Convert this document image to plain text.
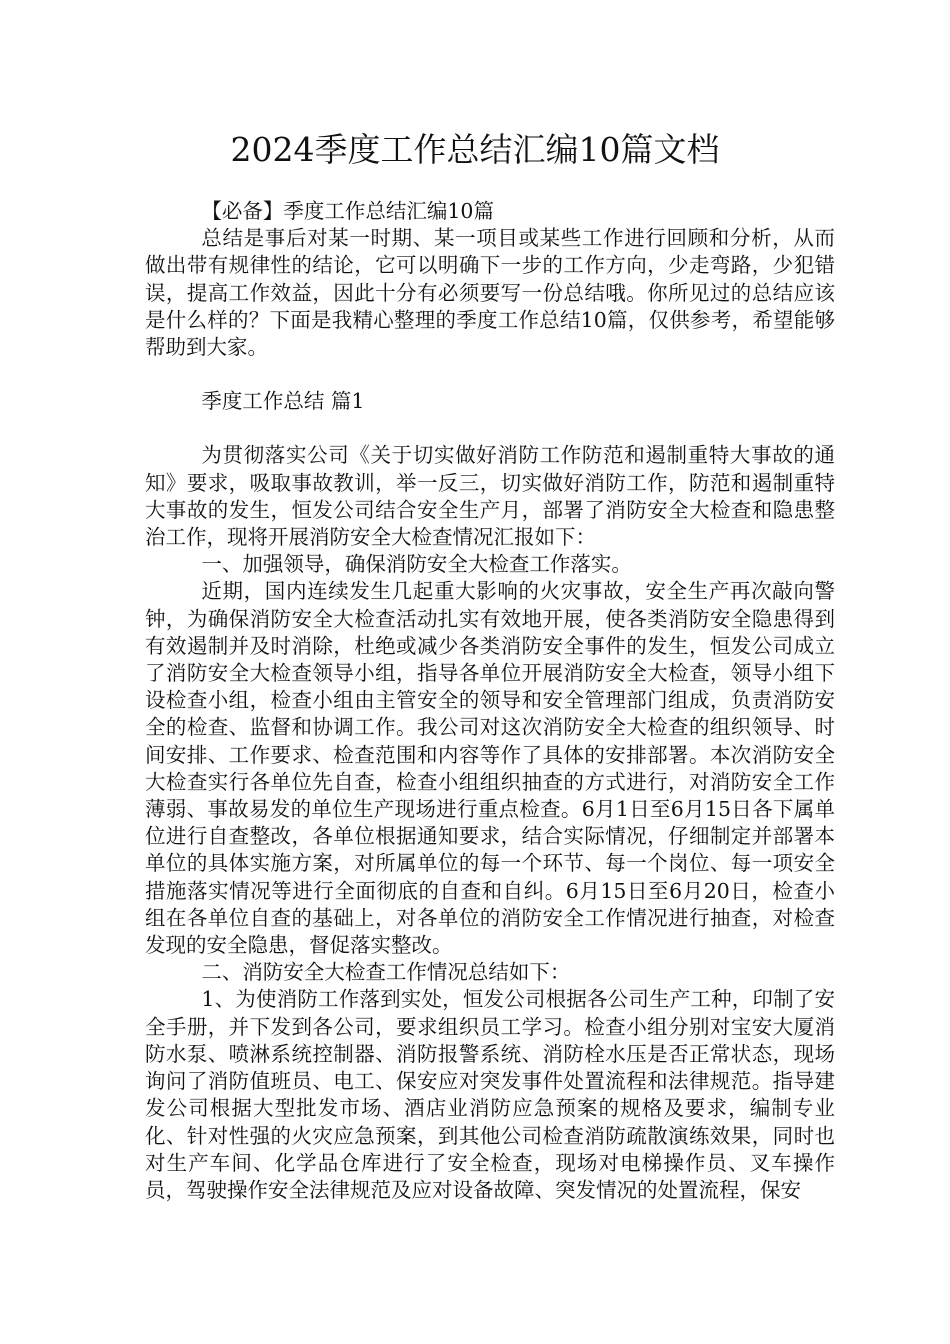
2024季度工作总结汇编10篇文档

【必备】季度工作总结汇编10篇

总结是事后对某一时期、某一项目或某些工作进行回顾和分析，从而做出带有规律性的结论，它可以明确下一步的工作方向，少走弯路，少犯错误，提高工作效益，因此十分有必须要写一份总结哦。你所见过的总结应该是什么样的？下面是我精心整理的季度工作总结10篇，仅供参考，希望能够帮助到大家。

季度工作总结 篇1

为贯彻落实公司《关于切实做好消防工作防范和遏制重特大事故的通知》要求，吸取事故教训，举一反三，切实做好消防工作，防范和遏制重特大事故的发生，恒发公司结合安全生产月，部署了消防安全大检查和隐患整治工作，现将开展消防安全大检查情况汇报如下：

一、加强领导，确保消防安全大检查工作落实。

近期，国内连续发生几起重大影响的火灾事故，安全生产再次敲向警钟，为确保消防安全大检查活动扎实有效地开展，使各类消防安全隐患得到有效遏制并及时消除，杜绝或减少各类消防安全事件的发生，恒发公司成立了消防安全大检查领导小组，指导各单位开展消防安全大检查，领导小组下设检查小组，检查小组由主管安全的领导和安全管理部门组成，负责消防安全的检查、监督和协调工作。我公司对这次消防安全大检查的组织领导、时间安排、工作要求、检查范围和内容等作了具体的安排部署。本次消防安全大检查实行各单位先自查，检查小组组织抽查的方式进行，对消防安全工作薄弱、事故易发的单位生产现场进行重点检查。6月1日至6月15日各下属单位进行自查整改，各单位根据通知要求，结合实际情况，仔细制定并部署本单位的具体实施方案，对所属单位的每一个环节、每一个岗位、每一项安全措施落实情况等进行全面彻底的自查和自纠。6月15日至6月20日，检查小组在各单位自查的基础上，对各单位的消防安全工作情况进行抽查，对检查发现的安全隐患，督促落实整改。

二、消防安全大检查工作情况总结如下：

1、为使消防工作落到实处，恒发公司根据各公司生产工种，印制了安全手册，并下发到各公司，要求组织员工学习。检查小组分别对宝安大厦消防水泵、喷淋系统控制器、消防报警系统、消防栓水压是否正常状态，现场询问了消防值班员、电工、保安应对突发事件处置流程和法律规范。指导建发公司根据大型批发市场、酒店业消防应急预案的规格及要求，编制专业化、针对性强的火灾应急预案，到其他公司检查消防疏散演练效果，同时也对生产车间、化学品仓库进行了安全检查，现场对电梯操作员、叉车操作员，驾驶操作安全法律规范及应对设备故障、突发情况的处置流程，保安
